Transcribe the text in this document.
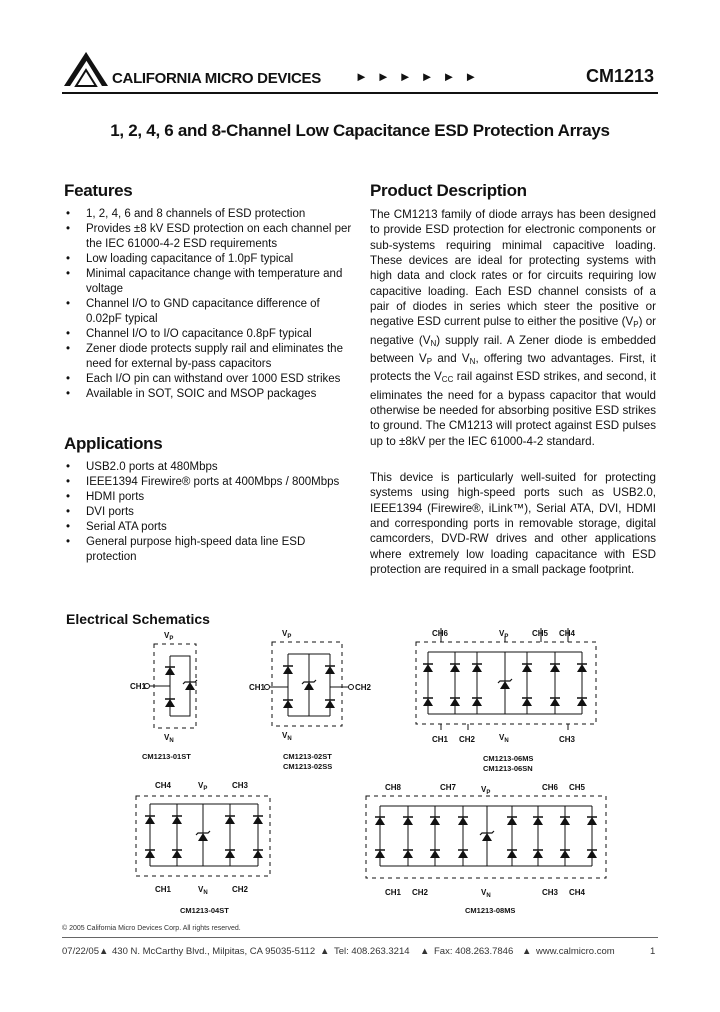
CALIFORNIA MICRO DEVICES	►►►►►►	CM1213
1, 2, 4, 6 and 8-Channel Low Capacitance ESD Protection Arrays
Features
• 1, 2, 4, 6 and 8 channels of ESD protection
• Provides ±8 kV ESD protection on each channel per the IEC 61000-4-2 ESD requirements
• Low loading capacitance of 1.0pF typical
• Minimal capacitance change with temperature and voltage
• Channel I/O to GND capacitance difference of 0.02pF typical
• Channel I/O to I/O capacitance 0.8pF typical
• Zener diode protects supply rail and eliminates the need for external by-pass capacitors
• Each I/O pin can withstand over 1000 ESD strikes
• Available in SOT, SOIC and MSOP packages
Applications
• USB2.0 ports at 480Mbps
• IEEE1394 Firewire® ports at 400Mbps / 800Mbps
• HDMI ports
• DVI ports
• Serial ATA ports
• General purpose high-speed data line ESD protection
Product Description

The CM1213 family of diode arrays has been designed to provide ESD protection for electronic components or sub-systems requiring minimal capacitive loading. These devices are ideal for protecting systems with high data and clock rates or for circuits requiring low capacitive loading. Each ESD channel consists of a pair of diodes in series which steer the positive or negative ESD current pulse to either the positive $(V_P)$ or negative $(V_N)$ supply rail. A Zener diode is embedded between $V_P$ and $V_N$, offering two advantages. First, it protects the $V_{CC}$ rail against ESD strikes, and second, it eliminates the need for a bypass capacitor that would otherwise be needed for absorbing positive ESD strikes to ground. The CM1213 will protect against ESD pulses up to ±8kV per the IEC 61000-4-2 standard.

This device is particularly well-suited for protecting systems using high-speed ports such as USB2.0, IEEE1394 (Firewire®, iLink™), Serial ATA, DVI, HDMI and corresponding ports in removable storage, digital camcorders, DVD-RW drives and other applications where extremely low loading capacitance with ESD protection are required in a small package footprint.

Electrical Schematics
$V_P$
CH1
$V_N$
CM1213-01ST
$V_P$
CH1	CH2
$V_N$
CM1213-02ST
CM1213-02SS
CH6	$V_P$	CH5 CH4
CH1 CH2	$V_N$	CH3
CM1213-06MS
CM1213-06SN
CH4	$V_P$	CH3
CH1	$V_N$	CH2
CM1213-04ST
CH8	CH7	$V_P$
CH6 CH5
CH1 CH2	$V_N$	CH3 CH4
CM1213-08MS
© 2005 California Micro Devices Corp. All rights reserved.
07/22/05 ▲ 430 N. McCarthy Blvd., Milpitas, CA 95035-5112 ▲ Tel: 408.263.3214 ▲ Fax: 408.263.7846 ▲ www.calmicro.com	1
